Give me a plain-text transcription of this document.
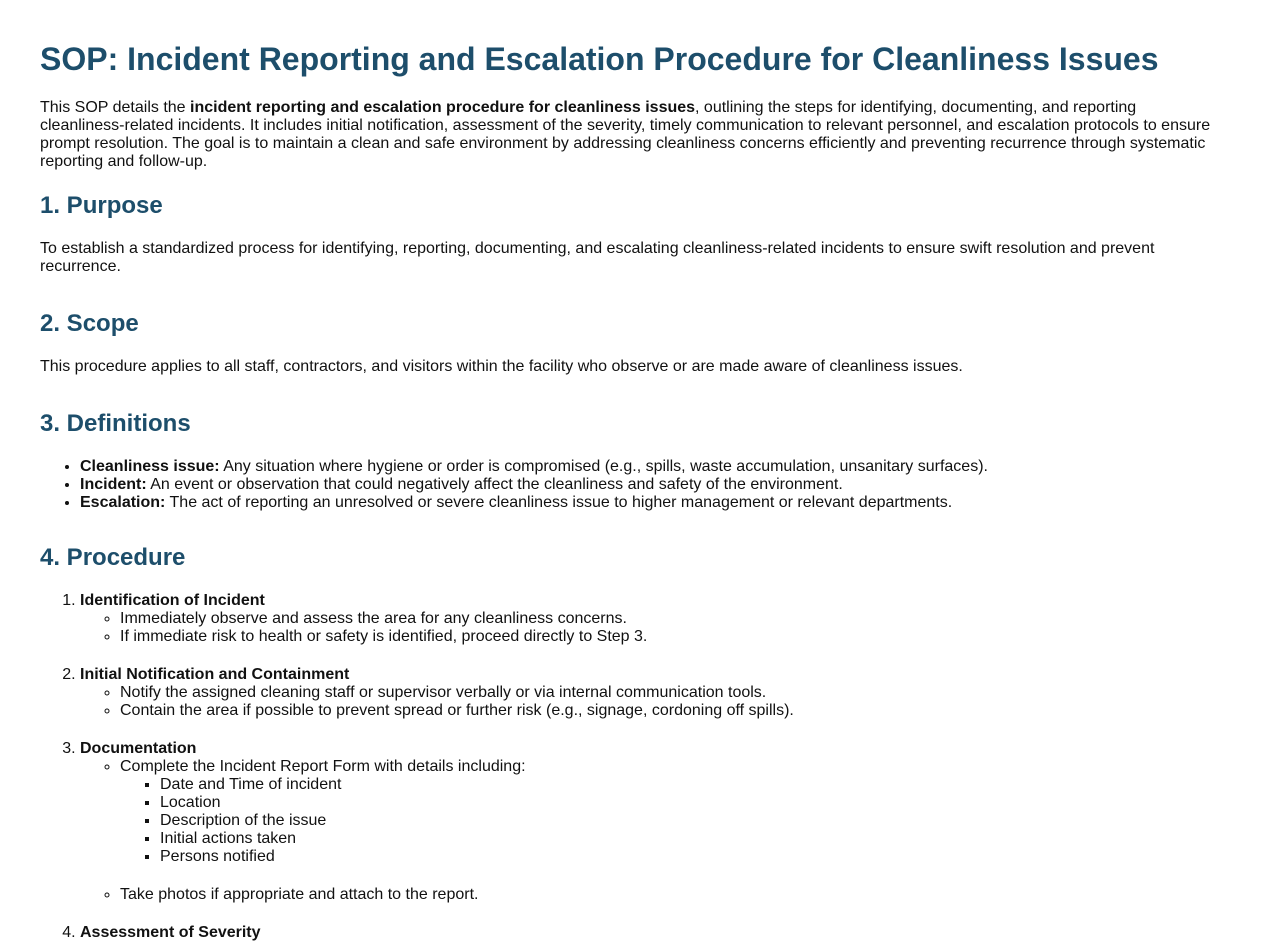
SOP: Incident Reporting and Escalation Procedure for Cleanliness Issues

This SOP details the incident reporting and escalation procedure for cleanliness issues, outlining the steps for identifying, documenting, and reporting cleanliness-related incidents. It includes initial notification, assessment of the severity, timely communication to relevant personnel, and escalation protocols to ensure prompt resolution. The goal is to maintain a clean and safe environment by addressing cleanliness concerns efficiently and preventing recurrence through systematic reporting and follow-up.

1. Purpose

To establish a standardized process for identifying, reporting, documenting, and escalating cleanliness-related incidents to ensure swift resolution and prevent recurrence.

2. Scope

This procedure applies to all staff, contractors, and visitors within the facility who observe or are made aware of cleanliness issues.

3. Definitions
• Cleanliness issue: Any situation where hygiene or order is compromised (e.g., spills, waste accumulation, unsanitary surfaces).
• Incident: An event or observation that could negatively affect the cleanliness and safety of the environment.
• Escalation: The act of reporting an unresolved or severe cleanliness issue to higher management or relevant departments.
4. Procedure
1. Identification of Incident
◦ Immediately observe and assess the area for any cleanliness concerns.
◦ If immediate risk to health or safety is identified, proceed directly to Step 3.
2. Initial Notification and Containment
◦ Notify the assigned cleaning staff or supervisor verbally or via internal communication tools.
◦ Contain the area if possible to prevent spread or further risk (e.g., signage, cordoning off spills).
3. Documentation
◦ Complete the Incident Report Form with details including:
▪ Date and Time of incident
▪ Location
▪ Description of the issue
▪ Initial actions taken
▪ Persons notified
◦ Take photos if appropriate and attach to the report.
4. Assessment of Severity
